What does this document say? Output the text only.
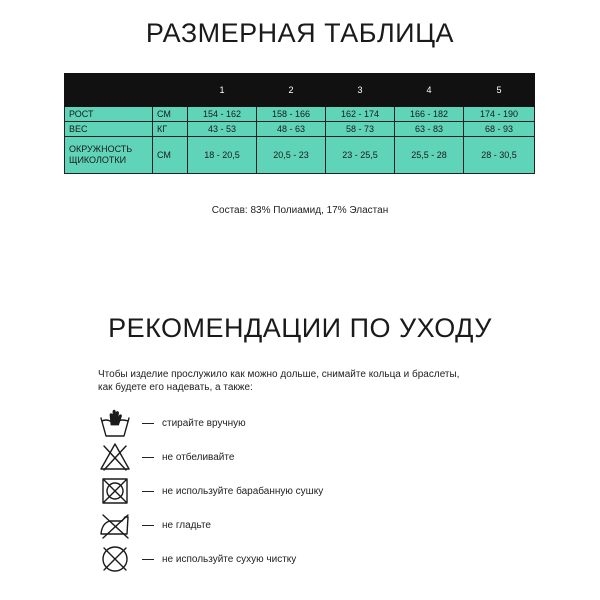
РАЗМЕРНАЯ ТАБЛИЦА
		1	2	3	4	5
РОСТ	СМ	154 - 162	158 - 166	162 - 174	166 - 182	174 - 190
ВЕС	КГ	43 - 53	48 - 63	58 - 73	63 - 83	68 - 93
ОКРУЖНОСТЬ
ЩИКОЛОТКИ	СМ	18 - 20,5	20,5 - 23	23 - 25,5	25,5 - 28	28 - 30,5
Состав: 83% Полиамид, 17% Эластан
РЕКОМЕНДАЦИИ ПО УХОДУ
Чтобы изделие прослужило как можно дольше, снимайте кольца и браслеты,
как будете его надевать, а также:
стирайте вручную
не отбеливайте
не используйте барабанную сушку
не гладьте
не используйте сухую чистку
